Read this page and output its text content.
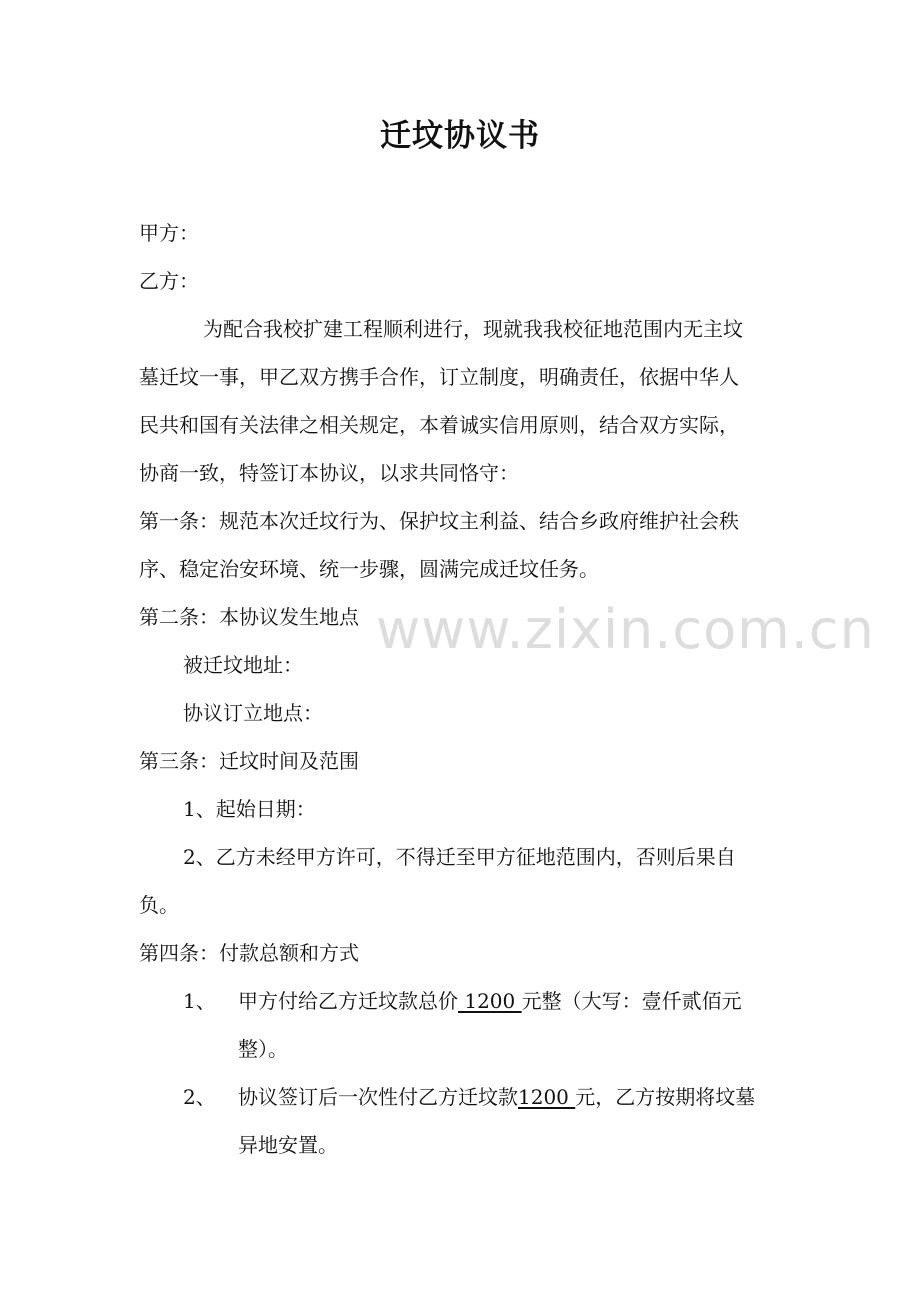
迁坟协议书
甲方：
乙方：
为配合我校扩建工程顺利进行，现就我我校征地范围内无主坟
墓迁坟一事，甲乙双方携手合作，订立制度，明确责任，依据中华人
民共和国有关法律之相关规定，本着诚实信用原则，结合双方实际，
协商一致，特签订本协议，以求共同恪守：
第一条：规范本次迁坟行为、保护坟主利益、结合乡政府维护社会秩
序、稳定治安环境、统一步骤，圆满完成迁坟任务。
第二条：本协议发生地点
被迁坟地址：
协议订立地点：
第三条：迁坟时间及范围
1、起始日期：
2、乙方未经甲方许可，不得迁至甲方征地范围内，否则后果自
负。
第四条：付款总额和方式
1、 甲方付给乙方迁坟款总价 1200 元整（大写：壹仟贰佰元
整）。
2、 协议签订后一次性付乙方迁坟款1200 元，乙方按期将坟墓
异地安置。
www.zixin.com.cn
